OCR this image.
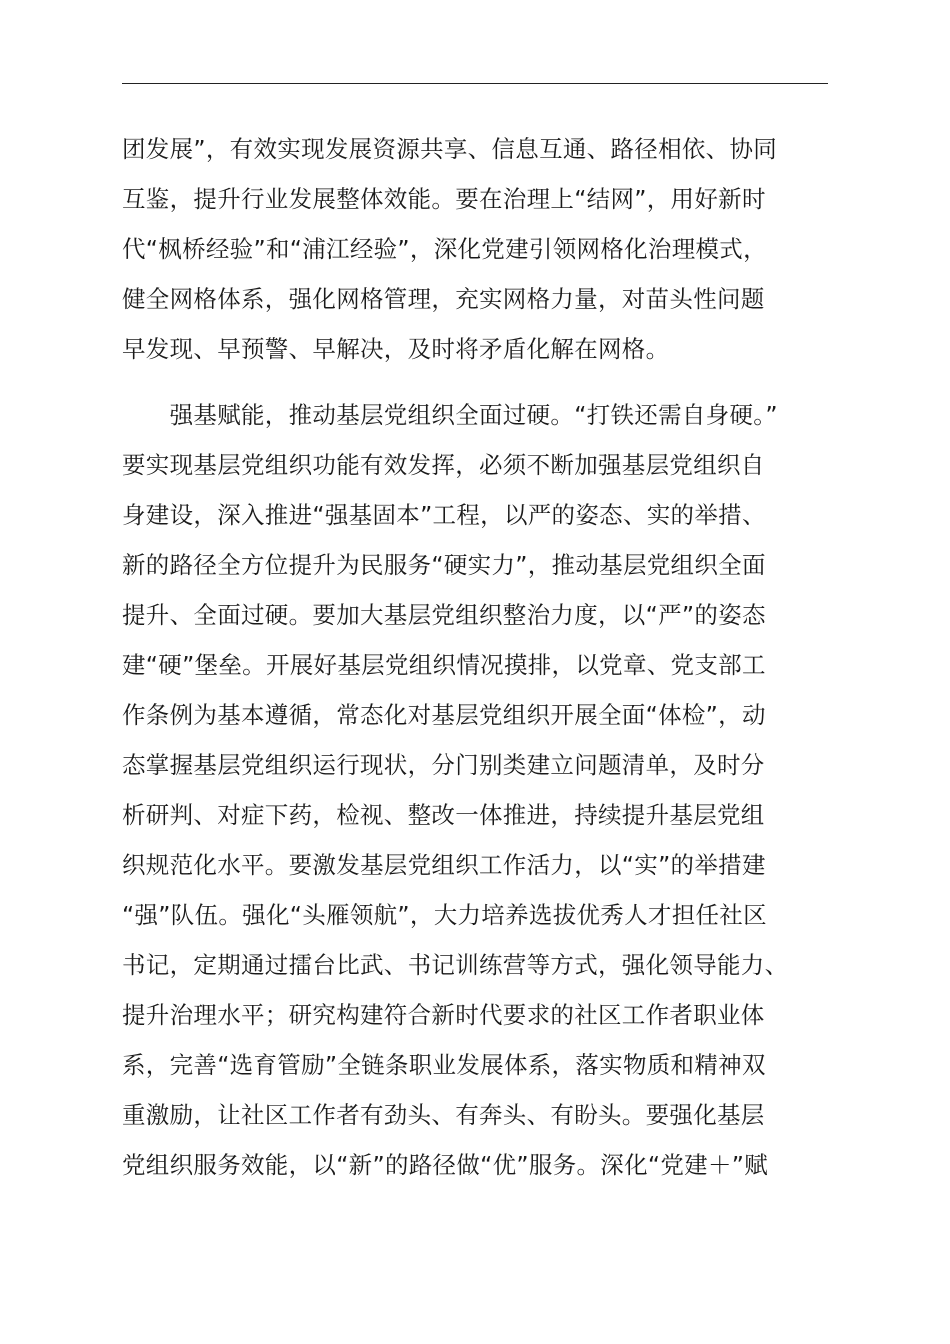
团发展”，有效实现发展资源共享、信息互通、路径相依、协同
互鉴，提升行业发展整体效能。要在治理上“结网”，用好新时
代“枫桥经验”和“浦江经验”，深化党建引领网格化治理模式，
健全网格体系，强化网格管理，充实网格力量，对苗头性问题
早发现、早预警、早解决，及时将矛盾化解在网格。
　　强基赋能，推动基层党组织全面过硬。“打铁还需自身硬。”
要实现基层党组织功能有效发挥，必须不断加强基层党组织自
身建设，深入推进“强基固本”工程，以严的姿态、实的举措、
新的路径全方位提升为民服务“硬实力”，推动基层党组织全面
提升、全面过硬。要加大基层党组织整治力度，以“严”的姿态
建“硬”堡垒。开展好基层党组织情况摸排，以党章、党支部工
作条例为基本遵循，常态化对基层党组织开展全面“体检”，动
态掌握基层党组织运行现状，分门别类建立问题清单，及时分
析研判、对症下药，检视、整改一体推进，持续提升基层党组
织规范化水平。要激发基层党组织工作活力，以“实”的举措建
“强”队伍。强化“头雁领航”，大力培养选拔优秀人才担任社区
书记，定期通过擂台比武、书记训练营等方式，强化领导能力、
提升治理水平；研究构建符合新时代要求的社区工作者职业体
系，完善“选育管励”全链条职业发展体系，落实物质和精神双
重激励，让社区工作者有劲头、有奔头、有盼头。要强化基层
党组织服务效能，以“新”的路径做“优”服务。深化“党建＋”赋
